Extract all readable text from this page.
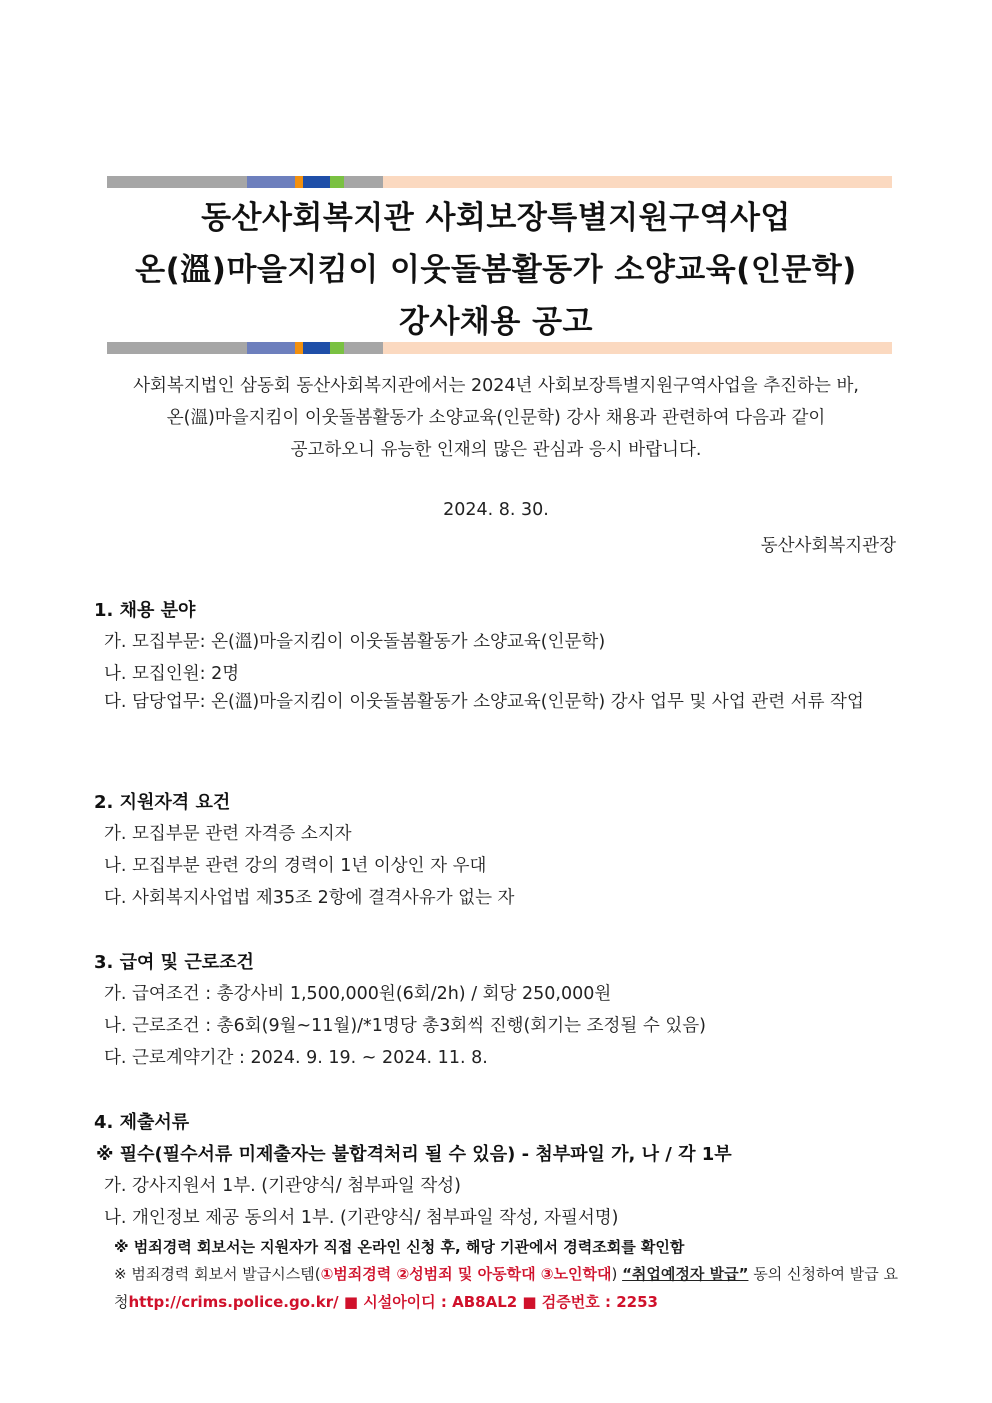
동산사회복지관 사회보장특별지원구역사업
온(溫)마을지킴이 이웃돌봄활동가 소양교육(인문학)
강사채용 공고
사회복지법인 삼동회 동산사회복지관에서는 2024년 사회보장특별지원구역사업을 추진하는 바,
온(溫)마을지킴이 이웃돌봄활동가 소양교육(인문학) 강사 채용과 관련하여 다음과 같이
공고하오니 유능한 인재의 많은 관심과 응시 바랍니다.
2024. 8. 30.
동산사회복지관장
1. 채용 분야
가. 모집부문: 온(溫)마을지킴이 이웃돌봄활동가 소양교육(인문학)
나. 모집인원: 2명
다. 담당업무: 온(溫)마을지킴이 이웃돌봄활동가 소양교육(인문학) 강사 업무 및 사업 관련 서류 작업
2. 지원자격 요건
가. 모집부문 관련 자격증 소지자
나. 모집부분 관련 강의 경력이 1년 이상인 자 우대
다. 사회복지사업법 제35조 2항에 결격사유가 없는 자
3. 급여 및 근로조건
가. 급여조건 : 총강사비 1,500,000원(6회/2h) / 회당 250,000원
나. 근로조건 : 총6회(9월~11월)/*1명당 총3회씩 진행(회기는 조정될 수 있음)
다. 근로계약기간 : 2024. 9. 19. ~ 2024. 11. 8.
4. 제출서류
※ 필수(필수서류 미제출자는 불합격처리 될 수 있음) - 첨부파일 가, 나 / 각 1부
가. 강사지원서 1부. (기관양식/ 첨부파일 작성)
나. 개인정보 제공 동의서 1부. (기관양식/ 첨부파일 작성, 자필서명)
※ 범죄경력 회보서는 지원자가 직접 온라인 신청 후, 해당 기관에서 경력조회를 확인함
※ 범죄경력 회보서 발급시스템(①범죄경력 ②성범죄 및 아동학대 ③노인학대) “취업예정자 발급” 동의 신청하여 발급 요청http://crims.police.go.kr/ ■ 시설아이디 : AB8AL2 ■ 검증번호 : 2253
